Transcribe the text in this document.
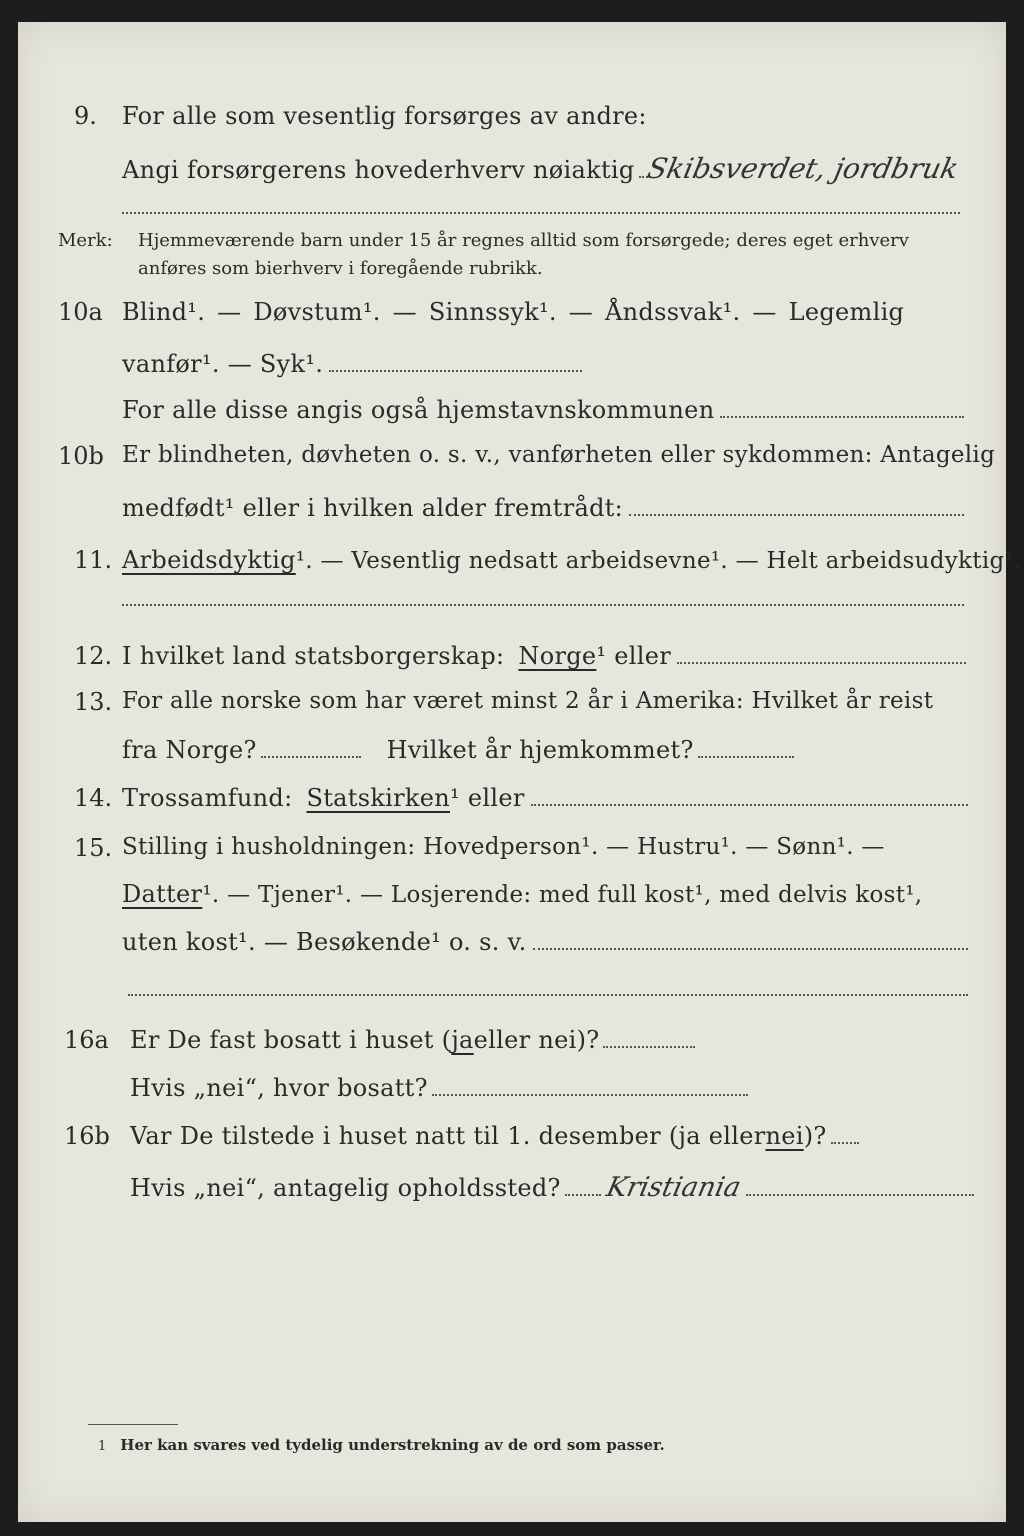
9. For alle som vesentlig forsørges av andre:
Angi forsørgerens hovederhverv nøiaktig Skibsverdet, jordbruk
Merk:	Hjemmeværende barn under 15 år regnes alltid som forsørgede; deres eget erhverv
anføres som bierhverv i foregående rubrikk.
10a Blind¹. — Døvstum¹. — Sinnssyk¹. — Åndssvak¹. — Legemlig
vanfør¹. — Syk¹.
For alle disse angis også hjemstavnskommunen
10b Er blindheten, døvheten o. s. v., vanførheten eller sykdommen: Antagelig
medfødt¹ eller i hvilken alder fremtrådt:
11. Arbeidsdyktig ¹. — Vesentlig nedsatt arbeidsevne¹. — Helt arbeidsudyktig¹.
12. I hvilket land statsborgerskap: Norge ¹ eller
13. For alle norske som har været minst 2 år i Amerika: Hvilket år reist
fra Norge?	Hvilket år hjemkommet?
14. Trossamfund: Statskirken ¹ eller
15. Stilling i husholdningen: Hovedperson¹. — Hustru¹. — Sønn¹. —
Datter ¹. — Tjener¹. — Losjerende: med full kost¹, med delvis kost¹,
uten kost¹. — Besøkende¹ o. s. v.
16a Er De fast bosatt i huset ( ja eller nei)?
Hvis „nei“, hvor bosatt?
16b Var De tilstede i huset natt til 1. desember (ja eller nei )?
Hvis „nei“, antagelig opholdssted? Kristiania
1 Her kan svares ved tydelig understrekning av de ord som passer.
